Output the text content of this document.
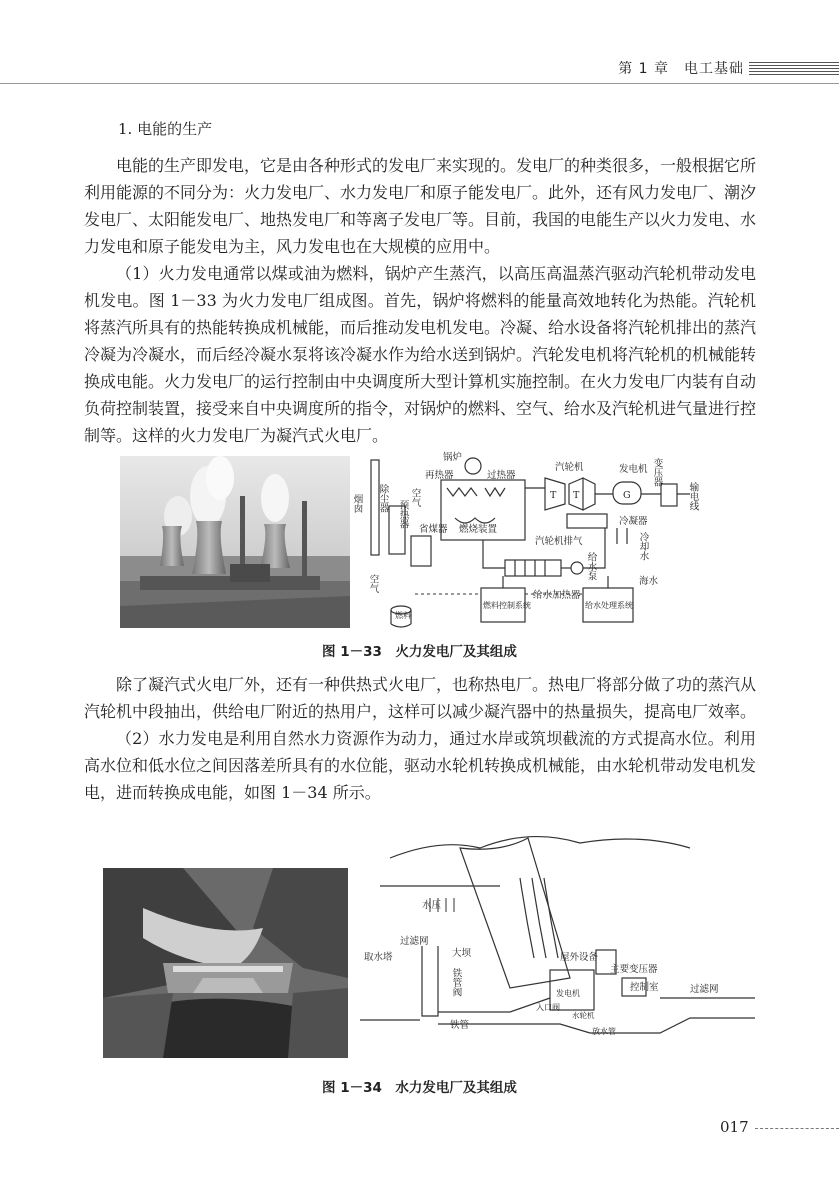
第 1 章　 电工基础
1. 电能的生产

电能的生产即发电，它是由各种形式的发电厂来实现的。发电厂的种类很多，一般根据它所利用能源的不同分为：火力发电厂、水力发电厂和原子能发电厂。此外，还有风力发电厂、潮汐发电厂、太阳能发电厂、地热发电厂和等离子发电厂等。目前，我国的电能生产以火力发电、水力发电和原子能发电为主，风力发电也在大规模的应用中。

（1）火力发电通常以煤或油为燃料，锅炉产生蒸汽，以高压高温蒸汽驱动汽轮机带动发电机发电。图 1－33 为火力发电厂组成图。首先，锅炉将燃料的能量高效地转化为热能。汽轮机将蒸汽所具有的热能转换成机械能，而后推动发电机发电。冷凝、给水设备将汽轮机排出的蒸汽冷凝为冷凝水，而后经冷凝水泵将该冷凝水作为给水送到锅炉。汽轮发电机将汽轮机的机械能转换成电能。火力发电厂的运行控制由中央调度所大型计算机实施控制。在火力发电厂内装有自动负荷控制装置，接受来自中央调度所的指令，对锅炉的燃料、空气、给水及汽轮机进气量进行控制等。这样的火力发电厂为凝汽式火电厂。

烟囱 除尘器 空气
预热器
空气
锅炉
再热器	过热器
省煤器 燃烧装置
汽轮机
T T
发电机
G
变压器
输电线
冷凝器
汽轮机排气	冷却水
海水
给水泵
给水加热器
燃料
燃料控制系统	给水处理系统
图 1－33　火力发电厂及其组成

除了凝汽式火电厂外，还有一种供热式火电厂，也称热电厂。热电厂将部分做了功的蒸汽从汽轮机中段抽出，供给电厂附近的热用户，这样可以减少凝汽器中的热量损失，提高电厂效率。

（2）水力发电是利用自然水力资源作为动力，通过水岸或筑坝截流的方式提高水位。利用高水位和低水位之间因落差所具有的水位能，驱动水轮机转换成机械能，由水轮机带动发电机发电，进而转换成电能，如图 1－34 所示。

水压
过滤网
取水塔	大坝
铁管阀
铁管
屋外设备
主要变压器
控制室
发电机
入口阀
水轮机
放水管
过滤网
图 1－34　水力发电厂及其组成
017
